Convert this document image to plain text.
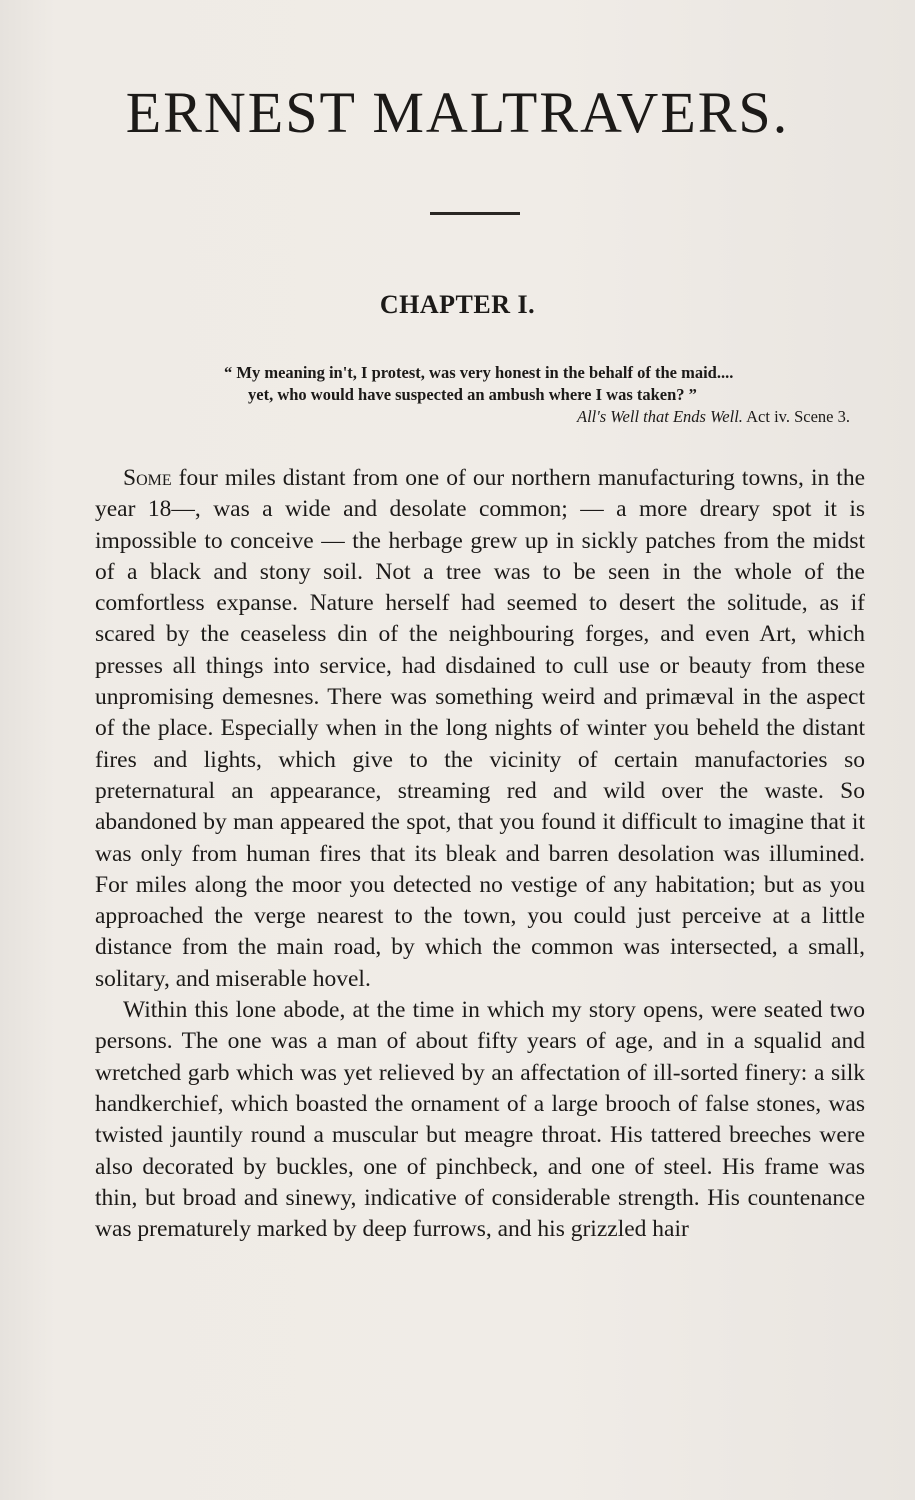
ERNEST MALTRAVERS.
CHAPTER I.

“ My meaning in't, I protest, was very honest in the behalf of the maid....

yet, who would have suspected an ambush where I was taken? ”

All's Well that Ends Well. Act iv. Scene 3.

Some four miles distant from one of our northern manufacturing towns, in the year 18—, was a wide and desolate common; — a more dreary spot it is impossible to conceive — the herbage grew up in sickly patches from the midst of a black and stony soil. Not a tree was to be seen in the whole of the comfortless expanse. Nature herself had seemed to desert the solitude, as if scared by the ceaseless din of the neighbouring forges, and even Art, which presses all things into service, had disdained to cull use or beauty from these unpromising demesnes. There was something weird and primæval in the aspect of the place. Especially when in the long nights of winter you beheld the distant fires and lights, which give to the vicinity of certain manufactories so preternatural an appearance, streaming red and wild over the waste. So abandoned by man appeared the spot, that you found it difficult to imagine that it was only from human fires that its bleak and barren desolation was illumined. For miles along the moor you detected no vestige of any habitation; but as you approached the verge nearest to the town, you could just perceive at a little distance from the main road, by which the common was intersected, a small, solitary, and miserable hovel.

Within this lone abode, at the time in which my story opens, were seated two persons. The one was a man of about fifty years of age, and in a squalid and wretched garb which was yet relieved by an affectation of ill-sorted finery: a silk handkerchief, which boasted the ornament of a large brooch of false stones, was twisted jauntily round a muscular but meagre throat. His tattered breeches were also decorated by buckles, one of pinchbeck, and one of steel. His frame was thin, but broad and sinewy, indicative of considerable strength. His countenance was prematurely marked by deep furrows, and his grizzled hair
